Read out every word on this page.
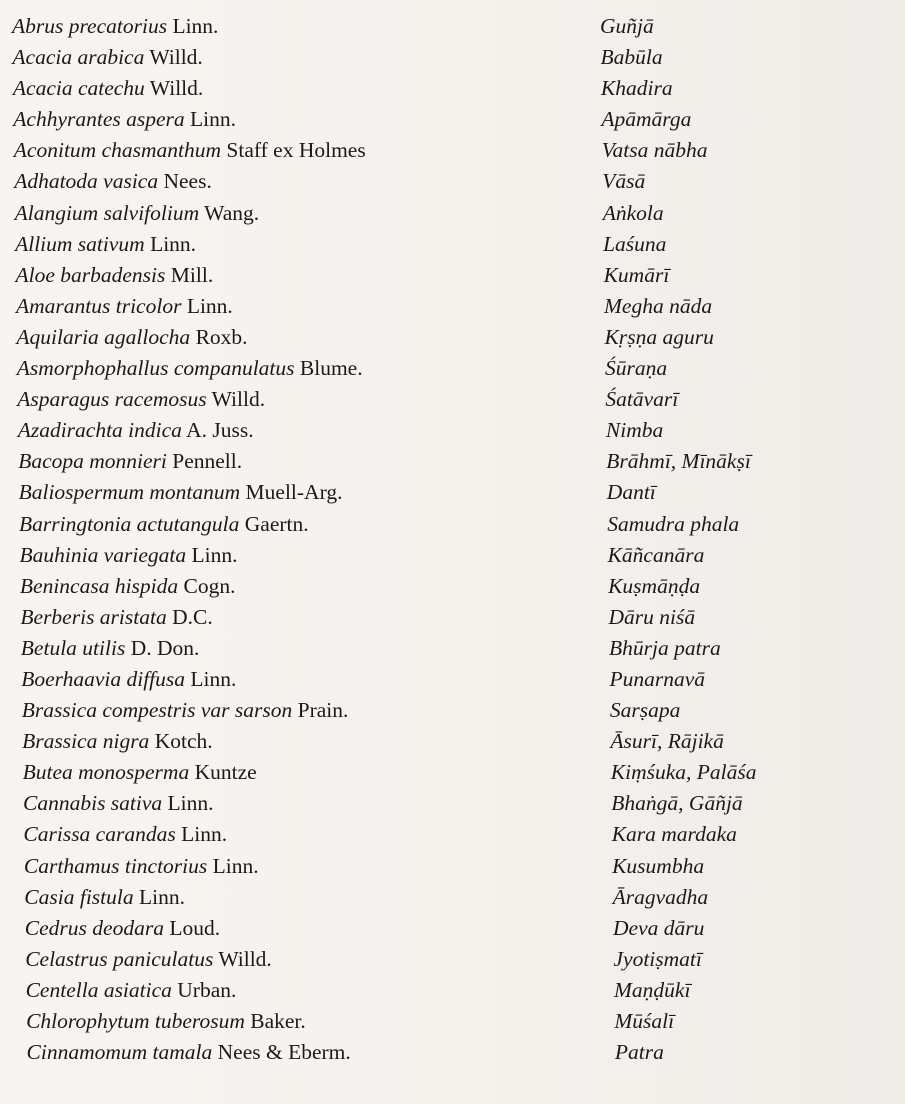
Abrus precatorius Linn.	Guñjā
Acacia arabica Willd.	Babūla
Acacia catechu Willd.	Khadira
Achhyrantes aspera Linn.	Apāmārga
Aconitum chasmanthum Staff ex Holmes	Vatsa nābha
Adhatoda vasica Nees.	Vāsā
Alangium salvifolium Wang.	Aṅkola
Allium sativum Linn.	Laśuna
Aloe barbadensis Mill.	Kumārī
Amarantus tricolor Linn.	Megha nāda
Aquilaria agallocha Roxb.	Kṛṣṇa aguru
Asmorphophallus companulatus Blume.	Śūraṇa
Asparagus racemosus Willd.	Śatāvarī
Azadirachta indica A. Juss.	Nimba
Bacopa monnieri Pennell.	Brāhmī, Mīnākṣī
Baliospermum montanum Muell-Arg.	Dantī
Barringtonia actutangula Gaertn.	Samudra phala
Bauhinia variegata Linn.	Kāñcanāra
Benincasa hispida Cogn.	Kuṣmāṇḍa
Berberis aristata D.C.	Dāru niśā
Betula utilis D. Don.	Bhūrja patra
Boerhaavia diffusa Linn.	Punarnavā
Brassica compestris var sarson Prain.	Sarṣapa
Brassica nigra Kotch.	Āsurī, Rājikā
Butea monosperma Kuntze	Kiṃśuka, Palāśa
Cannabis sativa Linn.	Bhaṅgā, Gāñjā
Carissa carandas Linn.	Kara mardaka
Carthamus tinctorius Linn.	Kusumbha
Casia fistula Linn.	Āragvadha
Cedrus deodara Loud.	Deva dāru
Celastrus paniculatus Willd.	Jyotiṣmatī
Centella asiatica Urban.	Maṇḍūkī
Chlorophytum tuberosum Baker.	Mūśalī
Cinnamomum tamala Nees & Eberm.	Patra
